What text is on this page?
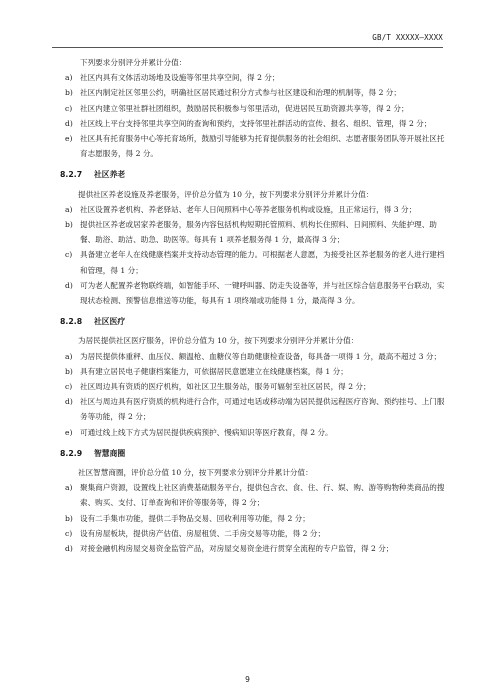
GB/T XXXXX—XXXX

下列要求分别评分并累计分值：

a) 社区内具有文体活动场地及设施等邻里共享空间，得 2 分；
b) 社区内制定社区邻里公约，明确社区居民通过积分方式参与社区建设和治理的机制等，得 2 分；
c)	社区内建立邻里社群社团组织，鼓励居民积极参与邻里活动，促进居民互助资源共享等，得 2 分；
d) 社区线上平台支持邻里共享空间的查询和预约，支持邻里社群活动的宣传、报名、组织、管理，得 2 分；
e) 社区具有托育服务中心等托育场所，鼓励引导能够为托育提供服务的社会组织、志愿者服务团队等开展社区托育志愿服务，得 2 分。
8.2.7 社区养老

提供社区养老设施及养老服务，评价总分值为 10 分，按下列要求分别评分并累计分值：

a) 社区设置养老机构、养老驿站、老年人日间照料中心等养老服务机构或设施，且正常运行，得 3 分；
b) 提供社区养老或居家养老服务，服务内容包括机构短期托管照料、机构长住照料、日间照料、失能护理、助餐、助浴、助洁、助急、助医等。每具有 1 项养老服务得 1 分，最高得 3 分；
c)	具备建立老年人在线健康档案并支持动态管理的能力。可根据老人意愿，为接受社区养老服务的老人进行建档和管理，得 1 分；
d) 可为老人配置养老物联终端，如智能手环、一键呼叫器、防走失设备等，并与社区综合信息服务平台联动，实现状态检测、预警信息推送等功能，每具有 1 项终端或功能得 1 分，最高得 3 分。
8.2.8 社区医疗

为居民提供社区医疗服务，评价总分值为 10 分，按下列要求分别评分并累计分值：

a) 为居民提供体重秤、血压仪、额温枪、血糖仪等自助健康检查设备，每具备一项得 1 分，最高不超过 3 分；
b) 具有建立居民电子健康档案能力，可依据居民意愿建立在线健康档案，得 1 分；
c)	社区周边具有资质的医疗机构，如社区卫生服务站，服务可辐射至社区居民，得 2 分；
d) 社区与周边具有医疗资质的机构进行合作，可通过电话或移动端为居民提供远程医疗咨询、预约挂号、上门服务等功能，得 2 分；
e) 可通过线上线下方式为居民提供疾病预护、慢病知识等医疗教育，得 2 分。
8.2.9 智慧商圈

社区智慧商圈，评价总分值 10 分，按下列要求分别评分并累计分值：

a) 聚集商户资源，设置线上社区消费基础服务平台，提供包含衣、食、住、行、娱、购、游等购物种类商品的搜索、购买、支付、订单查询和评价等服务等，得 2 分；
b) 设有二手集市功能，提供二手物品交易、回收利用等功能，得 2 分；
c)	设有房屋板块，提供房产估值、房屋租赁、二手房交易等功能，得 2 分；
d) 对接金融机构房屋交易资金监管产品，对房屋交易资金进行贯穿全流程的专户监管，得 2 分；
9
